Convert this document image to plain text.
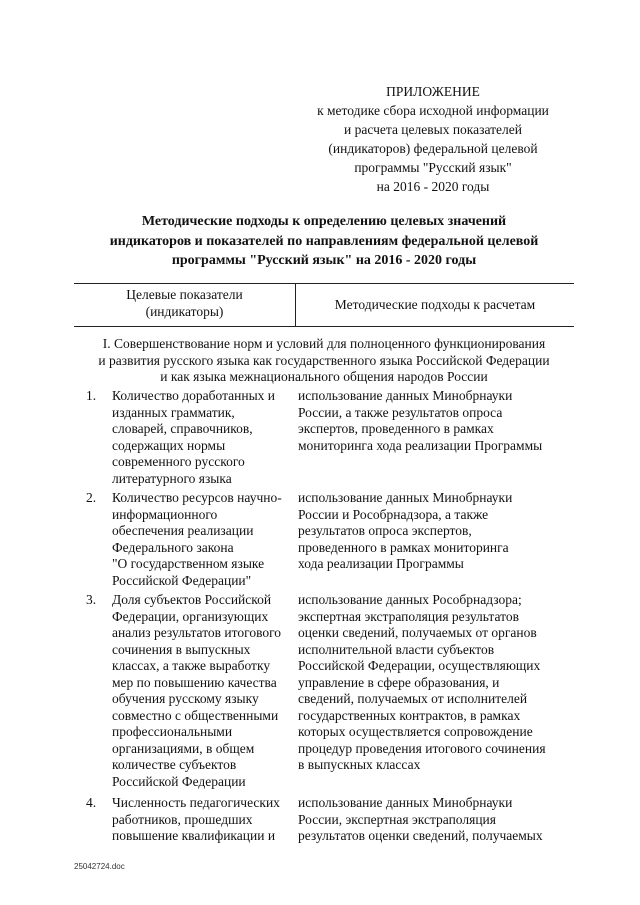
ПРИЛОЖЕНИЕ
к методике сбора исходной информации
и расчета целевых показателей
(индикаторов) федеральной целевой
программы "Русский язык"
на 2016 - 2020 годы
Методические подходы к определению целевых значений
индикаторов и показателей по направлениям федеральной целевой
программы "Русский язык" на 2016 - 2020 годы
Целевые показатели
(индикаторы)	Методические подходы к расчетам
I. Совершенствование норм и условий для полноценного функционирования
и развития русского языка как государственного языка Российской Федерации
и как языка межнационального общения народов России
1. Количество доработанных и
изданных грамматик,
словарей, справочников,
содержащих нормы
современного русского
литературного языка
использование данных Минобрнауки
России, а также результатов опроса
экспертов, проведенного в рамках
мониторинга хода реализации Программы
2. Количество ресурсов научно-
информационного
обеспечения реализации
Федерального закона
"О государственном языке
Российской Федерации"
использование данных Минобрнауки
России и Рособрнадзора, а также
результатов опроса экспертов,
проведенного в рамках мониторинга
хода реализации Программы
3. Доля субъектов Российской
Федерации, организующих
анализ результатов итогового
сочинения в выпускных
классах, а также выработку
мер по повышению качества
обучения русскому языку
совместно с общественными
профессиональными
организациями, в общем
количестве субъектов
Российской Федерации
использование данных Рособрнадзора;
экспертная экстраполяция результатов
оценки сведений, получаемых от органов
исполнительной власти субъектов
Российской Федерации, осуществляющих
управление в сфере образования, и
сведений, получаемых от исполнителей
государственных контрактов, в рамках
которых осуществляется сопровождение
процедур проведения итогового сочинения
в выпускных классах
4. Численность педагогических
работников, прошедших
повышение квалификации и
использование данных Минобрнауки
России, экспертная экстраполяция
результатов оценки сведений, получаемых
25042724.doc
